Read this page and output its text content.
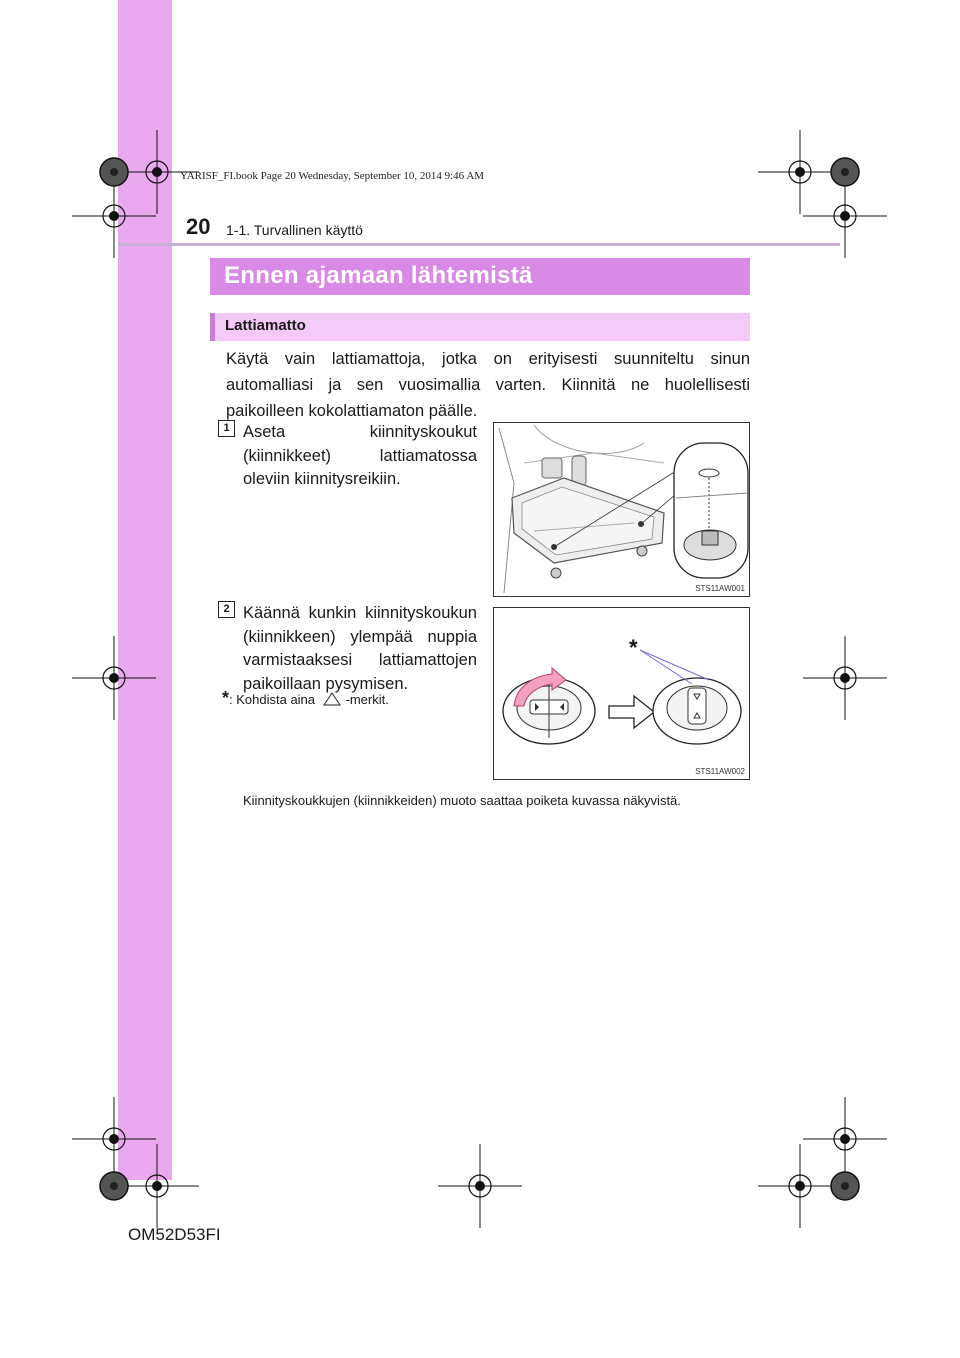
YARISF_FI.book Page 20 Wednesday, September 10, 2014 9:46 AM
20 1-1. Turvallinen käyttö
Ennen ajamaan lähtemistä
Lattiamatto
Käytä vain lattiamattoja, jotka on erityisesti suunniteltu sinun automalliasi ja sen vuosimallia varten. Kiinnitä ne huolellisesti paikoilleen kokolattiamaton päälle.
1 Aseta kiinnityskoukut (kiinnikkeet) lattiamatossa oleviin kiinnitysreikiin.
STS11AW001
2 Käännä kunkin kiinnityskoukun (kiinnikkeen) ylempää nuppia varmistaaksesi lattiamattojen paikoillaan pysymisen.
*: Kohdista aina -merkit.
*
STS11AW002
Kiinnityskoukkujen (kiinnikkeiden) muoto saattaa poiketa kuvassa näkyvistä.
OM52D53FI
